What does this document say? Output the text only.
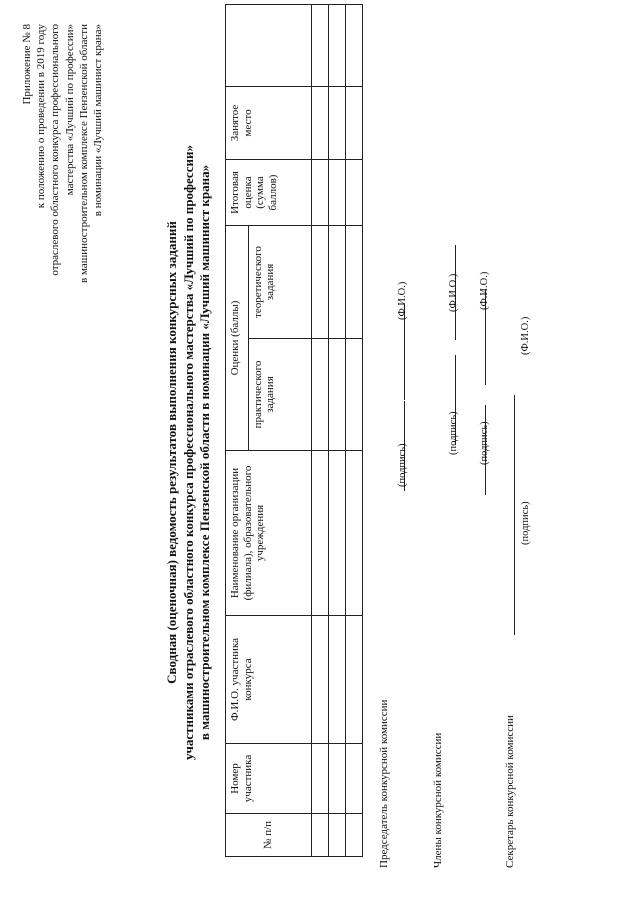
Приложение № 8 к положению о проведении в 2019 году отраслевого областного конкурса профессионального мастерства «Лучший по профессии» в машиностроительном комплексе Пензенской области в номинации «Лучший машинист крана»
Сводная (оценочная) ведомость результатов выполнения конкурсных заданий участниками отраслевого областного конкурса профессионального мастерства «Лучший по профессии» в машиностроительном комплексе Пензенской области в номинации «Лучший машинист крана»
№ п/п	Номер участника	Ф.И.О. участника конкурса	Наименование организации (филиала), образовательного учреждения	Оценки (баллы)		Итоговая оценка (сумма баллов)	Занятое место	
				практического задания	теоретического задания			

Председатель конкурсной комиссии
(подпись)
(Ф.И.О.)
Члены конкурсной комиссии
(подпись)
(Ф.И.О.)
(подпись)
(Ф.И.О.)
Секретарь конкурсной комиссии
(подпись)
(Ф.И.О.)
